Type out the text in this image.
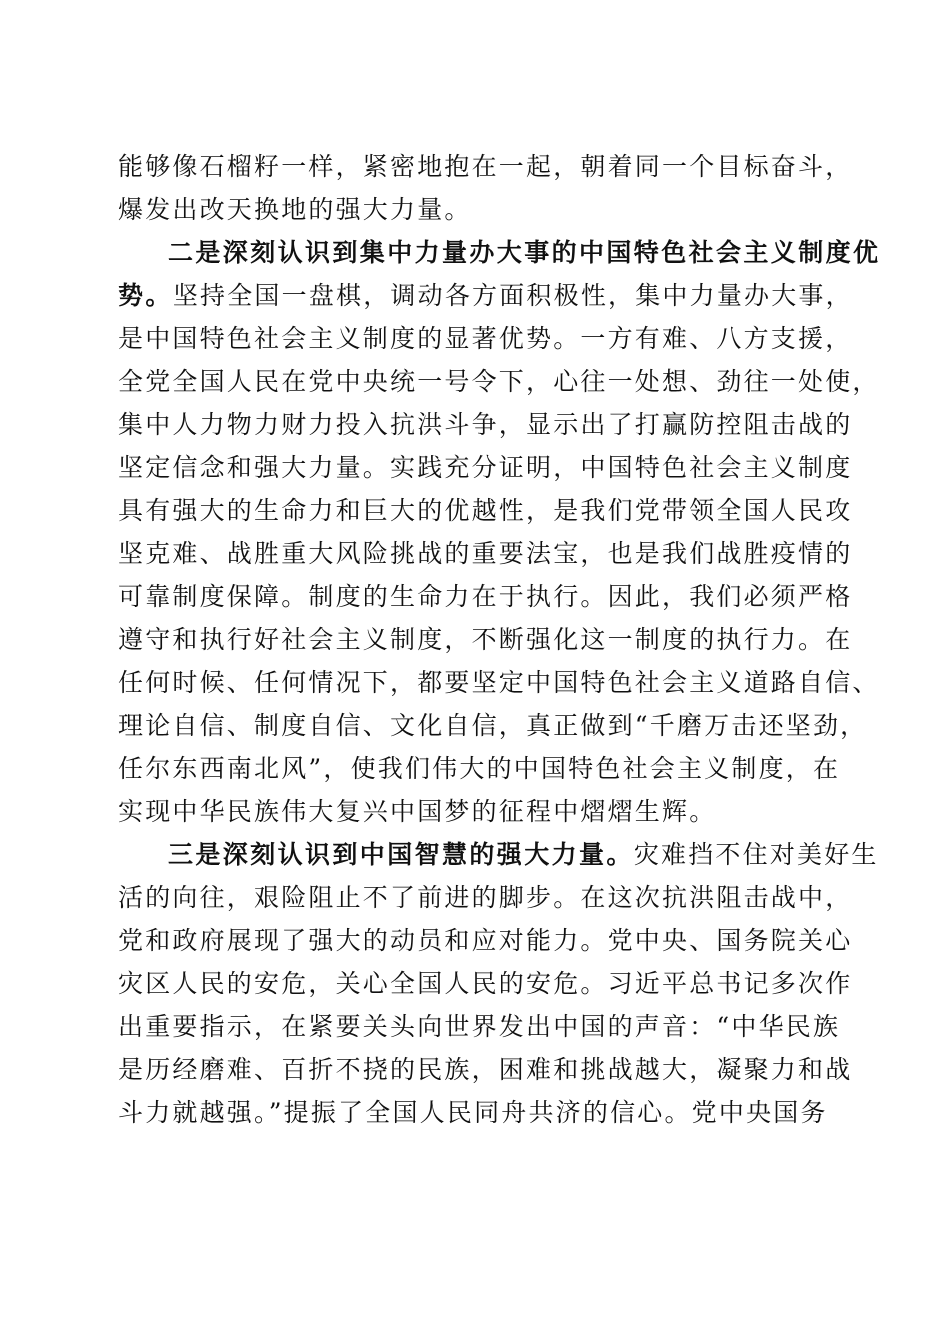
能够像石榴籽一样，紧密地抱在一起，朝着同一个目标奋斗，
爆发出改天换地的强大力量。
二是深刻认识到集中力量办大事的中国特色社会主义制度优
势。坚持全国一盘棋，调动各方面积极性，集中力量办大事，
是中国特色社会主义制度的显著优势。一方有难、八方支援，
全党全国人民在党中央统一号令下，心往一处想、劲往一处使，
集中人力物力财力投入抗洪斗争，显示出了打赢防控阻击战的
坚定信念和强大力量。实践充分证明，中国特色社会主义制度
具有强大的生命力和巨大的优越性，是我们党带领全国人民攻
坚克难、战胜重大风险挑战的重要法宝，也是我们战胜疫情的
可靠制度保障。制度的生命力在于执行。因此，我们必须严格
遵守和执行好社会主义制度，不断强化这一制度的执行力。在
任何时候、任何情况下，都要坚定中国特色社会主义道路自信、
理论自信、制度自信、文化自信，真正做到“千磨万击还坚劲，
任尔东西南北风”，使我们伟大的中国特色社会主义制度，在
实现中华民族伟大复兴中国梦的征程中熠熠生辉。
三是深刻认识到中国智慧的强大力量。灾难挡不住对美好生
活的向往，艰险阻止不了前进的脚步。在这次抗洪阻击战中，
党和政府展现了强大的动员和应对能力。党中央、国务院关心
灾区人民的安危，关心全国人民的安危。习近平总书记多次作
出重要指示，在紧要关头向世界发出中国的声音：“中华民族
是历经磨难、百折不挠的民族，困难和挑战越大，凝聚力和战
斗力就越强。”提振了全国人民同舟共济的信心。党中央国务
